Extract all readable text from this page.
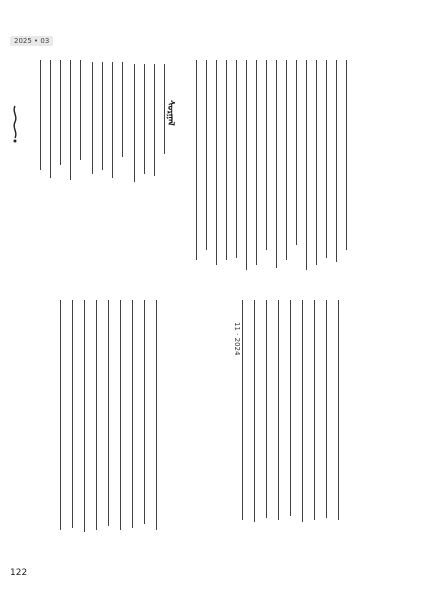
2025 • 03
ᠰᠤᠷᠭᠠᠯ
11 · 2024
122
